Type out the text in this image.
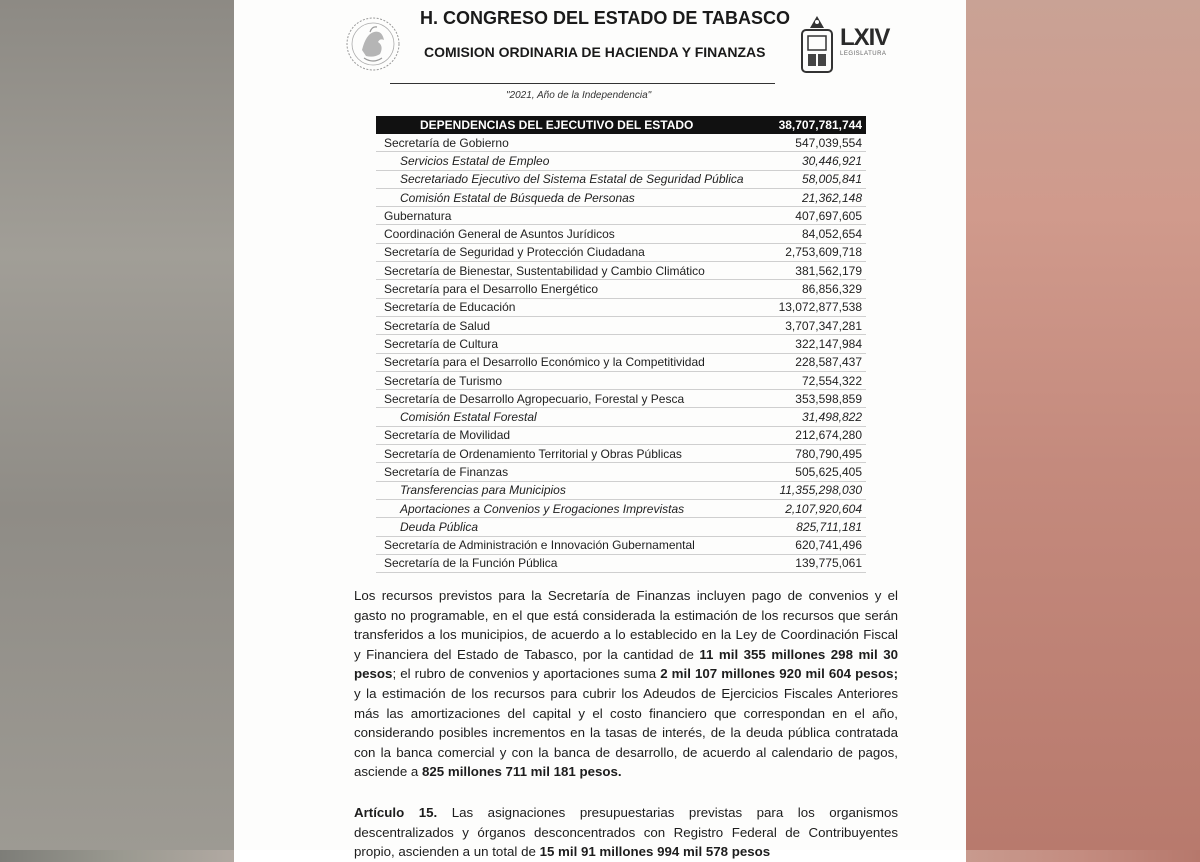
H. CONGRESO DEL ESTADO DE TABASCO
COMISION ORDINARIA DE HACIENDA Y FINANZAS
LXIV
LEGISLATURA
"2021, Año de la Independencia"
DEPENDENCIAS DEL EJECUTIVO DEL ESTADO	38,707,781,744
Secretaría de Gobierno	547,039,554
Servicios Estatal de Empleo	30,446,921
Secretariado Ejecutivo del Sistema Estatal de Seguridad Pública	58,005,841
Comisión Estatal de Búsqueda de Personas	21,362,148
Gubernatura	407,697,605
Coordinación General de Asuntos Jurídicos	84,052,654
Secretaría de Seguridad y Protección Ciudadana	2,753,609,718
Secretaría de Bienestar, Sustentabilidad y Cambio Climático	381,562,179
Secretaría para el Desarrollo Energético	86,856,329
Secretaría de Educación	13,072,877,538
Secretaría de Salud	3,707,347,281
Secretaría de Cultura	322,147,984
Secretaría para el Desarrollo Económico y la Competitividad	228,587,437
Secretaría de Turismo	72,554,322
Secretaría de Desarrollo Agropecuario, Forestal y Pesca	353,598,859
Comisión Estatal Forestal	31,498,822
Secretaría de Movilidad	212,674,280
Secretaría de Ordenamiento Territorial y Obras Públicas	780,790,495
Secretaría de Finanzas	505,625,405
Transferencias para Municipios	11,355,298,030
Aportaciones a Convenios y Erogaciones Imprevistas	2,107,920,604
Deuda Pública	825,711,181
Secretaría de Administración e Innovación Gubernamental	620,741,496
Secretaría de la Función Pública	139,775,061
Los recursos previstos para la Secretaría de Finanzas incluyen pago de convenios y el gasto no programable, en el que está considerada la estimación de los recursos que serán transferidos a los municipios, de acuerdo a lo establecido en la Ley de Coordinación Fiscal y Financiera del Estado de Tabasco, por la cantidad de 11 mil 355 millones 298 mil 30 pesos; el rubro de convenios y aportaciones suma 2 mil 107 millones 920 mil 604 pesos; y la estimación de los recursos para cubrir los Adeudos de Ejercicios Fiscales Anteriores más las amortizaciones del capital y el costo financiero que correspondan en el año, considerando posibles incrementos en la tasas de interés, de la deuda pública contratada con la banca comercial y con la banca de desarrollo, de acuerdo al calendario de pagos, asciende a 825 millones 711 mil 181 pesos.
Artículo 15. Las asignaciones presupuestarias previstas para los organismos descentralizados y órganos desconcentrados con Registro Federal de Contribuyentes propio, ascienden a un total de 15 mil 91 millones 994 mil 578 pesos
